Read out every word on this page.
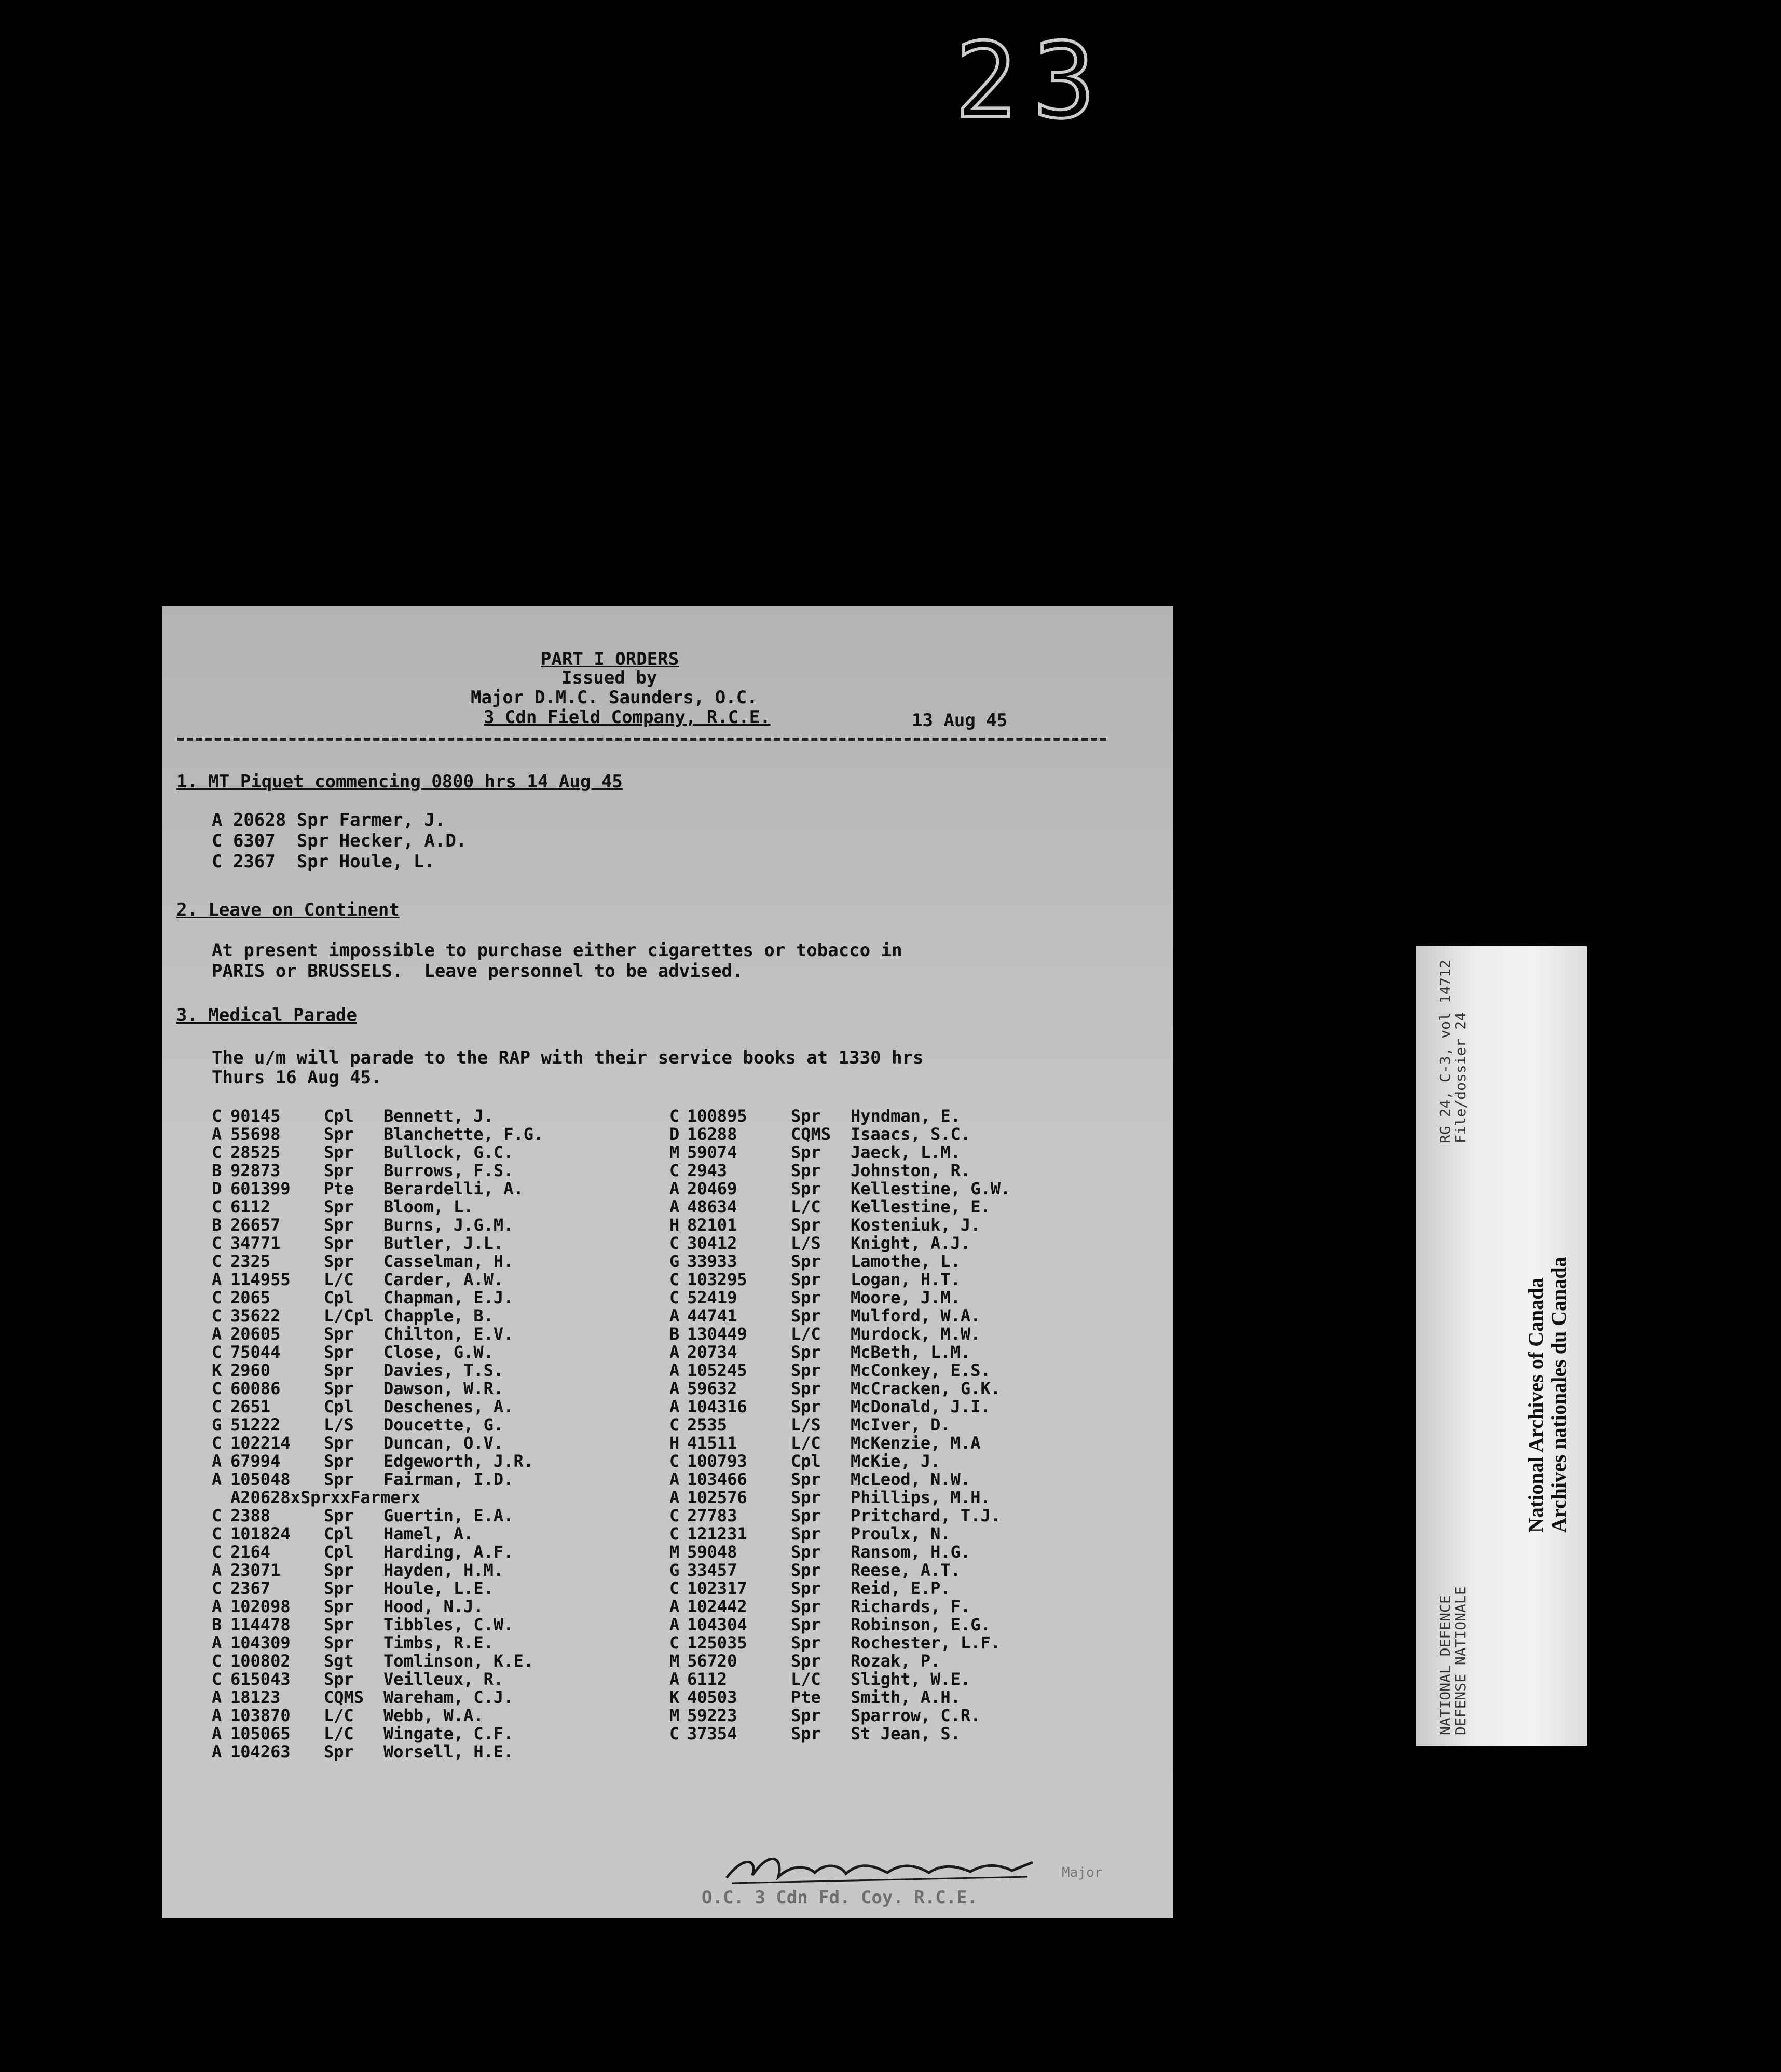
23
PART I ORDERS
Issued by
Major D.M.C. Saunders, O.C.
3 Cdn Field Company, R.C.E.	13 Aug 45
1. MT Piquet commencing 0800 hrs 14 Aug 45
A 20628 Spr Farmer, J.
C 6307  Spr Hecker, A.D.
C 2367  Spr Houle, L.
2. Leave on Continent
At present impossible to purchase either cigarettes or tobacco in
PARIS or BRUSSELS.  Leave personnel to be advised.
3. Medical Parade
The u/m will parade to the RAP with their service books at 1330 hrs
Thurs 16 Aug 45.
C 90145	Cpl Bennett, J.
A 55698	Spr Blanchette, F.G.
C 28525	Spr Bullock, G.C.
B 92873	Spr Burrows, F.S.
D 601399 Pte Berardelli, A.
C 6112	Spr Bloom, L.
B 26657	Spr Burns, J.G.M.
C 34771	Spr Butler, J.L.
C 2325	Spr Casselman, H.
A 114955 L/C Carder, A.W.
C 2065	Cpl Chapman, E.J.
C 35622	L/Cpl Chapple, B.
A 20605	Spr Chilton, E.V.
C 75044	Spr Close, G.W.
K 2960	Spr Davies, T.S.
C 60086	Spr Dawson, W.R.
C 2651	Cpl Deschenes, A.
G 51222	L/S Doucette, G.
C 102214 Spr Duncan, O.V.
A 67994	Spr Edgeworth, J.R.
A 105048 Spr Fairman, I.D.
A20628xSprxxFarmerx
C 2388	Spr Guertin, E.A.
C 101824 Cpl Hamel, A.
C 2164	Cpl Harding, A.F.
A 23071	Spr Hayden, H.M.
C 2367	Spr Houle, L.E.
A 102098 Spr Hood, N.J.
B 114478 Spr Tibbles, C.W.
A 104309 Spr Timbs, R.E.
C 100802 Sgt Tomlinson, K.E.
C 615043 Spr Veilleux, R.
A 18123	CQMS Wareham, C.J.
A 103870 L/C Webb, W.A.
A 105065 L/C Wingate, C.F.
A 104263 Spr Worsell, H.E.
C 100895	Spr Hyndman, E.
D 16288	CQMS Isaacs, S.C.
M 59074	Spr Jaeck, L.M.
C 2943	Spr Johnston, R.
A 20469	Spr Kellestine, G.W.
A 48634	L/C Kellestine, E.
H 82101	Spr Kosteniuk, J.
C 30412	L/S Knight, A.J.
G 33933	Spr Lamothe, L.
C 103295	Spr Logan, H.T.
C 52419	Spr Moore, J.M.
A 44741	Spr Mulford, W.A.
B 130449	L/C Murdock, M.W.
A 20734	Spr McBeth, L.M.
A 105245	Spr McConkey, E.S.
A 59632	Spr McCracken, G.K.
A 104316	Spr McDonald, J.I.
C 2535	L/S McIver, D.
H 41511	L/C McKenzie, M.A
C 100793	Cpl McKie, J.
A 103466	Spr McLeod, N.W.
A 102576	Spr Phillips, M.H.
C 27783	Spr Pritchard, T.J.
C 121231	Spr Proulx, N.
M 59048	Spr Ransom, H.G.
G 33457	Spr Reese, A.T.
C 102317	Spr Reid, E.P.
A 102442	Spr Richards, F.
A 104304	Spr Robinson, E.G.
C 125035	Spr Rochester, L.F.
M 56720	Spr Rozak, P.
A 6112	L/C Slight, W.E.
K 40503	Pte Smith, A.H.
M 59223	Spr Sparrow, C.R.
C 37354	Spr St Jean, S.
Major
O.C. 3 Cdn Fd. Coy. R.C.E.
RG 24, C-3, vol 14712
File/dossier 24
NATIONAL DEFENCE
DEFENSE NATIONALE
National Archives of Canada Archives nationales du Canada
